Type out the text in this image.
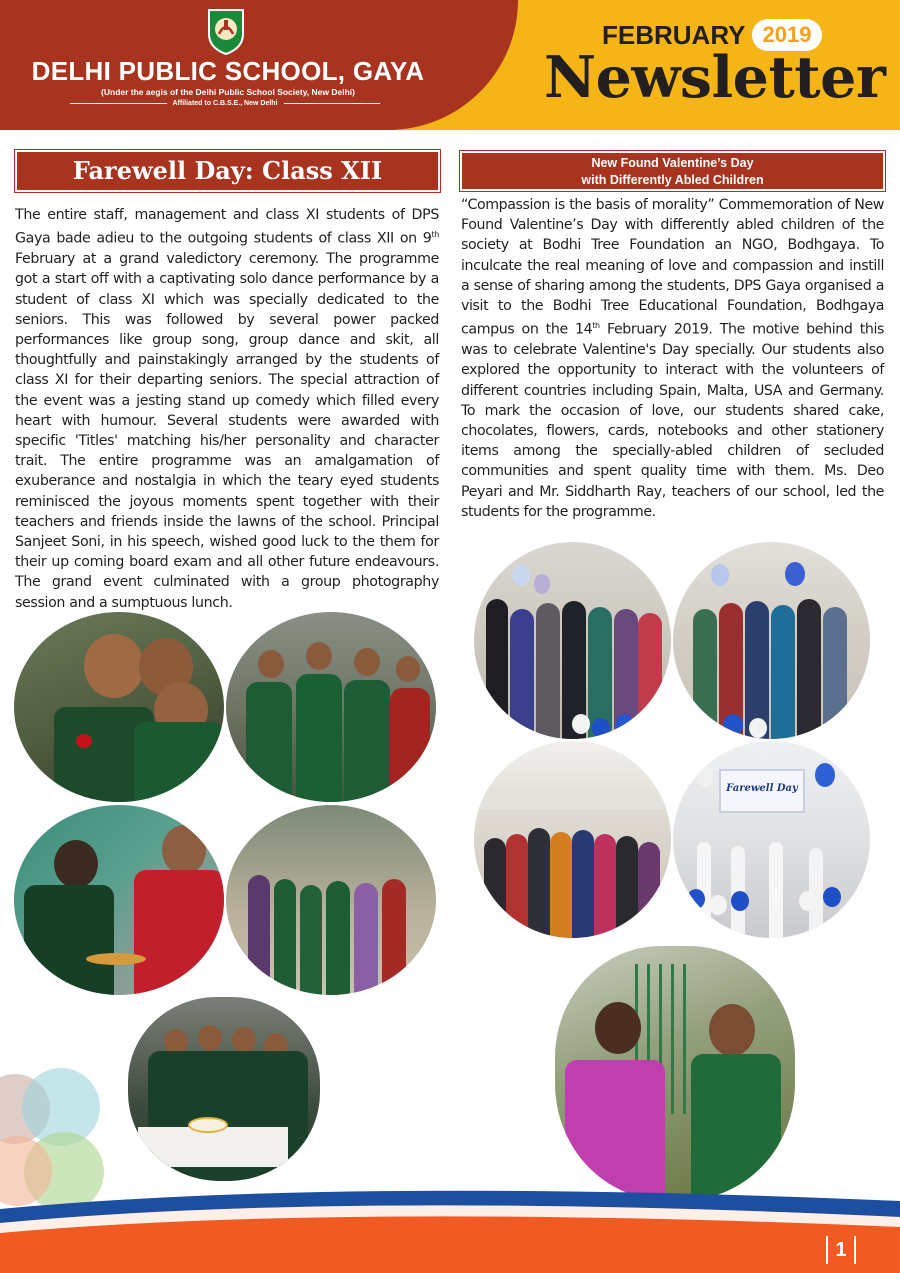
DELHI PUBLIC SCHOOL, GAYA
(Under the aegis of the Delhi Public School Society, New Delhi)
Affiliated to C.B.S.E., New Delhi
FEBRUARY 2019
Newsletter
Farewell Day: Class XII
The entire staff, management and class XI students of DPS Gaya bade adieu to the outgoing students of class XII on 9th February at a grand valedictory ceremony. The programme got a start off with a captivating solo dance performance by a student of class XI which was specially dedicated to the seniors. This was followed by several power packed performances like group song, group dance and skit, all thoughtfully and painstakingly arranged by the students of class XI for their departing seniors. The special attraction of the event was a jesting stand up comedy which filled every heart with humour. Several students were awarded with specific 'Titles' matching his/her personality and character trait. The entire programme was an amalgamation of exuberance and nostalgia in which the teary eyed students reminisced the joyous moments spent together with their teachers and friends inside the lawns of the school. Principal Sanjeet Soni, in his speech, wished good luck to the them for their up coming board exam and all other future endeavours. The grand event culminated with a group photography session and a sumptuous lunch.
New Found Valentine’s Day
with Differently Abled Children
“Compassion is the basis of morality” Commemoration of New Found Valentine’s Day with differently abled children of the society at Bodhi Tree Foundation an NGO, Bodhgaya. To inculcate the real meaning of love and compassion and instill a sense of sharing among the students, DPS Gaya organised a visit to the Bodhi Tree Educational Foundation, Bodhgaya campus on the 14th February 2019. The motive behind this was to celebrate Valentine's Day specially. Our students also explored the opportunity to interact with the volunteers of different countries including Spain, Malta, USA and Germany. To mark the occasion of love, our students shared cake, chocolates, flowers, cards, notebooks and other stationery items among the specially-abled children of secluded communities and spent quality time with them. Ms. Deo Peyari and Mr. Siddharth Ray, teachers of our school, led the students for the programme.
Farewell Day
1
